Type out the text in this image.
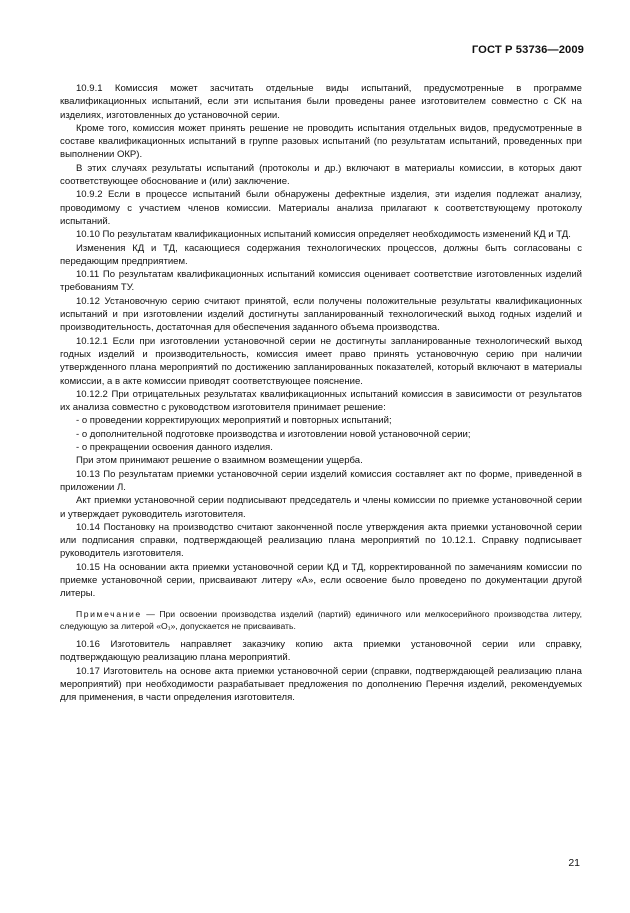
ГОСТ Р 53736—2009

10.9.1 Комиссия может засчитать отдельные виды испытаний, предусмотренные в программе квалификационных испытаний, если эти испытания были проведены ранее изготовителем совместно с СК на изделиях, изготовленных до установочной серии.

Кроме того, комиссия может принять решение не проводить испытания отдельных видов, предусмотренные в составе квалификационных испытаний в группе разовых испытаний (по результатам испытаний, проведенных при выполнении ОКР).

В этих случаях результаты испытаний (протоколы и др.) включают в материалы комиссии, в которых дают соответствующее обоснование и (или) заключение.

10.9.2 Если в процессе испытаний были обнаружены дефектные изделия, эти изделия подлежат анализу, проводимому с участием членов комиссии. Материалы анализа прилагают к соответствующему протоколу испытаний.

10.10 По результатам квалификационных испытаний комиссия определяет необходимость изменений КД и ТД.

Изменения КД и ТД, касающиеся содержания технологических процессов, должны быть согласованы с передающим предприятием.

10.11 По результатам квалификационных испытаний комиссия оценивает соответствие изготовленных изделий требованиям ТУ.

10.12 Установочную серию считают принятой, если получены положительные результаты квалификационных испытаний и при изготовлении изделий достигнуты запланированный технологический выход годных изделий и производительность, достаточная для обеспечения заданного объема производства.

10.12.1 Если при изготовлении установочной серии не достигнуты запланированные технологический выход годных изделий и производительность, комиссия имеет право принять установочную серию при наличии утвержденного плана мероприятий по достижению запланированных показателей, который включают в материалы комиссии, а в акте комиссии приводят соответствующее пояснение.

10.12.2 При отрицательных результатах квалификационных испытаний комиссия в зависимости от результатов их анализа совместно с руководством изготовителя принимает решение:

- о проведении корректирующих мероприятий и повторных испытаний;

- о дополнительной подготовке производства и изготовлении новой установочной серии;

- о прекращении освоения данного изделия.

При этом принимают решение о взаимном возмещении ущерба.

10.13 По результатам приемки установочной серии изделий комиссия составляет акт по форме, приведенной в приложении Л.

Акт приемки установочной серии подписывают председатель и члены комиссии по приемке установочной серии и утверждает руководитель изготовителя.

10.14 Постановку на производство считают законченной после утверждения акта приемки установочной серии или подписания справки, подтверждающей реализацию плана мероприятий по 10.12.1. Справку подписывает руководитель изготовителя.

10.15 На основании акта приемки установочной серии КД и ТД, корректированной по замечаниям комиссии по приемке установочной серии, присваивают литеру «А», если освоение было проведено по документации другой литеры.

Примечание — При освоении производства изделий (партий) единичного или мелкосерийного производства литеру, следующую за литерой «О₁», допускается не присваивать.

10.16 Изготовитель направляет заказчику копию акта приемки установочной серии или справку, подтверждающую реализацию плана мероприятий.

10.17 Изготовитель на основе акта приемки установочной серии (справки, подтверждающей реализацию плана мероприятий) при необходимости разрабатывает предложения по дополнению Перечня изделий, рекомендуемых для применения, в части определения изготовителя.

21
